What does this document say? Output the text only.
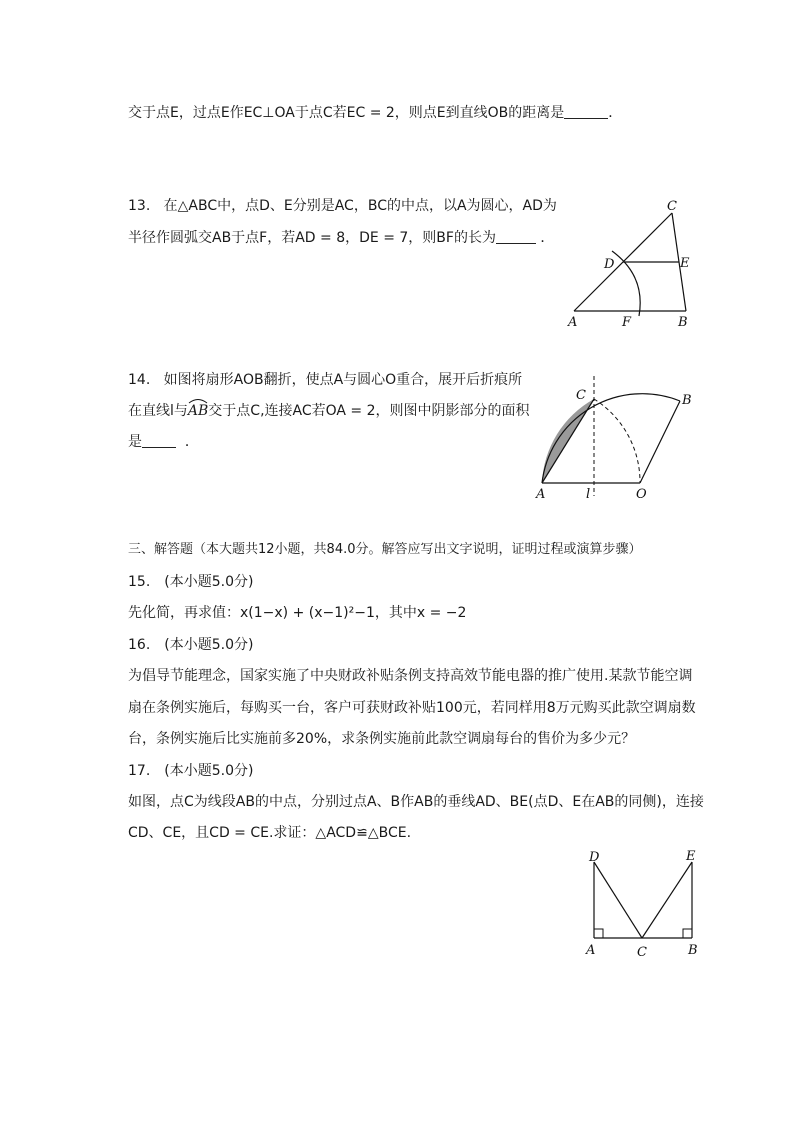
交于点E，过点E作EC⊥OA于点C若EC = 2，则点E到直线OB的距离是	．
13. 在△ABC中，点D、E分别是AC，BC的中点，以A为圆心，AD为
半径作圆弧交AB于点F，若AD = 8，DE = 7，则BF的长为	．
C
D	E
A	F	B
14. 如图将扇形AOB翻折，使点A与圆心O重合，展开后折痕所
在直线l与
AB交于点C,连接AC若OA = 2，则图中阴影部分的面积
是	．
C	B
A	l	O
三、解答题（本大题共12小题，共84.0分。解答应写出文字说明，证明过程或演算步骤）
15.　(本小题5.0分)
先化简，再求值：x(1−x) + (x−1)²−1，其中x = −2
16.　(本小题5.0分)
为倡导节能理念，国家实施了中央财政补贴条例支持高效节能电器的推广使用.某款节能空调
扇在条例实施后，每购买一台，客户可获财政补贴100元，若同样用8万元购买此款空调扇数
台，条例实施后比实施前多20%，求条例实施前此款空调扇每台的售价为多少元？
17.　(本小题5.0分)
如图，点C为线段AB的中点，分别过点A、B作AB的垂线AD、BE(点D、E在AB的同侧)，连接
CD、CE，且CD = CE.求证：△ACD≌△BCE.
D	E
A	C	B
